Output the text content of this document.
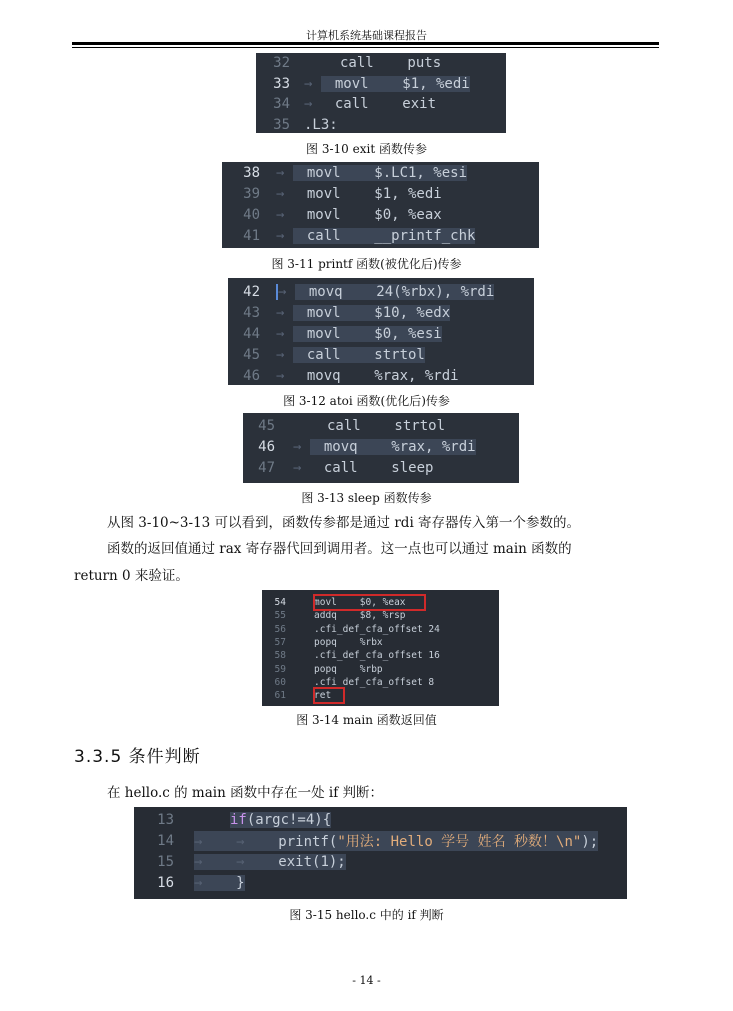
计算机系统基础课程报告
32	call    puts
33	→	movl    $1, %edi
34	→	call    exit
35	.L3:
图 3-10 exit 函数传参
38	→	movl    $.LC1, %esi
39	→	movl    $1, %edi
40	→	movl    $0, %eax
41	→	call    __printf_chk
图 3-11 printf 函数(被优化后)传参
42	→	movq    24(%rbx), %rdi
43	→	movl    $10, %edx
44	→	movl    $0, %esi
45	→	call    strtol
46	→	movq    %rax, %rdi
图 3-12 atoi 函数(优化后)传参
45	call    strtol
46	→	movq    %rax, %rdi
47	→	call    sleep
图 3-13 sleep 函数传参
从图 3-10~3-13 可以看到，函数传参都是通过 rdi 寄存器传入第一个参数的。
函数的返回值通过 rax 寄存器代回到调用者。这一点也可以通过 main 函数的
return 0 来验证。
54	movl    $0, %eax
55	addq    $8, %rsp
56	.cfi_def_cfa_offset 24
57	popq    %rbx
58	.cfi_def_cfa_offset 16
59	popq    %rbp
60	.cfi_def_cfa_offset 8
61	ret
图 3-14 main 函数返回值
3.3.5 条件判断
在 hello.c 的 main 函数中存在一处 if 判断：
13	if(argc!=4){
14	→    →    printf("用法: Hello 学号 姓名 秒数！\n");
15	→    →    exit(1);
16	→    }
图 3-15 hello.c 中的 if 判断
- 14 -
